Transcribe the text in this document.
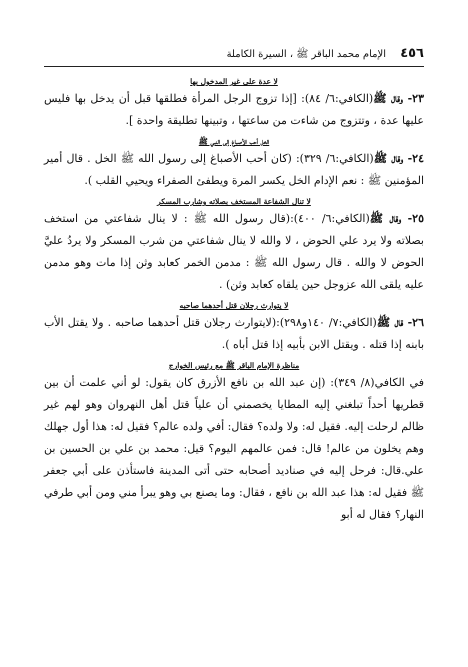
٤٥٦
الإمام محمد الباقر ﷺ ، السيرة الكاملة
لا عدة على غير المدخول بها

٢٣- وقال ﷺ(الكافي:٦/ ٨٤): [إذا تزوج الرجل المرأة فطلقها قبل أن يدخل بها فليس عليها عدة ، وتتزوج من شاءت من ساعتها ، وتبينها تطليقة واحدة ].

الخل أحب الأصباغ إلى النبي ﷺ

٢٤- وقال ﷺ(الكافي:٦/ ٣٢٩): (كان أحب الأصباغ إلى رسول الله ﷺ الخل . قال أمير المؤمنين ﷺ : نعم الإدام الخل يكسر المرة ويطفئ الصفراء ويحيي القلب ).

لا تنال الشفاعة المستخف بصلاته وشارب المسكر

٢٥- وقال ﷺ(الكافي:٦/ ٤٠٠):(قال رسول الله ﷺ : لا ينال شفاعتي من استخف بصلاته ولا يرد علي الحوض ، لا والله لا ينال شفاعتي من شرب المسكر ولا يردُ عليَّ الحوض لا والله . قال رسول الله ﷺ : مدمن الخمر كعابد وثن إذا مات وهو مدمن عليه يلقى الله عزوجل حين يلقاه كعابد وثن) .

لا يتوارث رجلان قتل أحدهما صاحبه

٢٦- قال ﷺ(الكافي:٧/ ١٤٠و٢٩٨):(لايتوارث رجلان قتل أحدهما صاحبه . ولا يقتل الأب بابنه إذا قتله . ويقتل الابن بأبيه إذا قتل أباه ).

مناظرة الإمام الباقر ﷺ مع رئيس الخوارج

في الكافي(٨/ ٣٤٩): (إن عبد الله بن نافع الأزرق كان يقول: لو أني علمت أن بين قطريها أحداً تبلغني إليه المطايا يخصمني أن علياً قتل أهل النهروان وهو لهم غير ظالم لرحلت إليه. فقيل له: ولا ولده؟ فقال: أفي ولده عالم؟ فقيل له: هذا أول جهلك وهم يخلون من عالم! قال: فمن عالمهم اليوم؟ قيل: محمد بن علي بن الحسين بن علي.قال: فرحل إليه في صناديد أصحابه حتى أتى المدينة فاستأذن على أبي جعفر ﷺ فقيل له: هذا عبد الله بن نافع ، فقال: وما يصنع بي وهو يبرأ مني ومن أبي طرفي النهار؟ فقال له أبو
